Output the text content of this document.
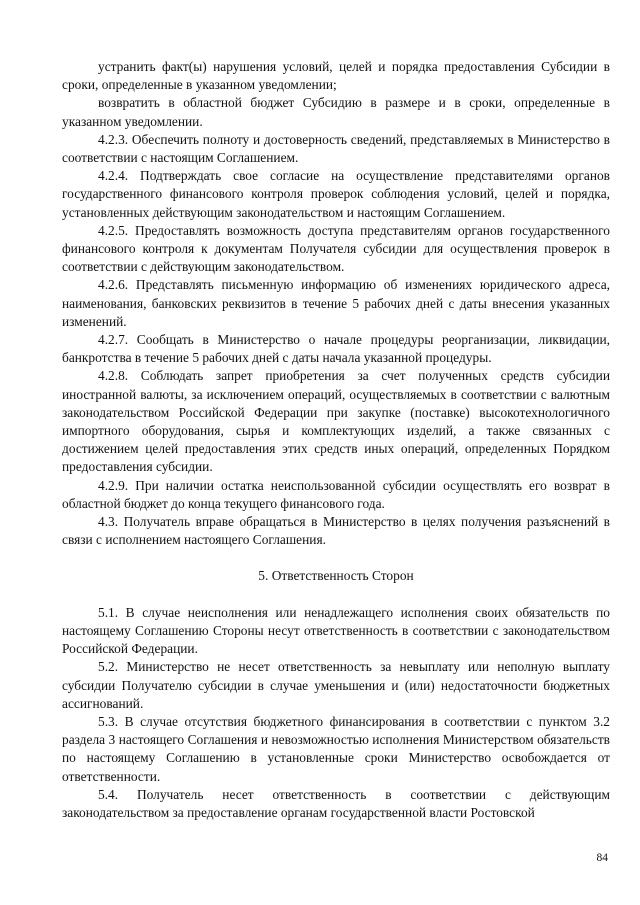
устранить факт(ы) нарушения условий, целей и порядка предоставления Субсидии в сроки, определенные в указанном уведомлении;

возвратить в областной бюджет Субсидию в размере и в сроки, определенные в указанном уведомлении.

4.2.3. Обеспечить полноту и достоверность сведений, представляемых в Министерство в соответствии с настоящим Соглашением.

4.2.4. Подтверждать свое согласие на осуществление представителями органов государственного финансового контроля проверок соблюдения условий, целей и порядка, установленных действующим законодательством и настоящим Соглашением.

4.2.5. Предоставлять возможность доступа представителям органов государственного финансового контроля к документам Получателя субсидии для осуществления проверок в соответствии с действующим законодательством.

4.2.6. Представлять письменную информацию об изменениях юридического адреса, наименования, банковских реквизитов в течение 5 рабочих дней с даты внесения указанных изменений.

4.2.7. Сообщать в Министерство о начале процедуры реорганизации, ликвидации, банкротства в течение 5 рабочих дней с даты начала указанной процедуры.

4.2.8. Соблюдать запрет приобретения за счет полученных средств субсидии иностранной валюты, за исключением операций, осуществляемых в соответствии с валютным законодательством Российской Федерации при закупке (поставке) высокотехнологичного импортного оборудования, сырья и комплектующих изделий, а также связанных с достижением целей предоставления этих средств иных операций, определенных Порядком предоставления субсидии.

4.2.9. При наличии остатка неиспользованной субсидии осуществлять его возврат в областной бюджет до конца текущего финансового года.

4.3. Получатель вправе обращаться в Министерство в целях получения разъяснений в связи с исполнением настоящего Соглашения.

5. Ответственность Сторон

5.1. В случае неисполнения или ненадлежащего исполнения своих обязательств по настоящему Соглашению Стороны несут ответственность в соответствии с законодательством Российской Федерации.

5.2. Министерство не несет ответственность за невыплату или неполную выплату субсидии Получателю субсидии в случае уменьшения и (или) недостаточности бюджетных ассигнований.

5.3. В случае отсутствия бюджетного финансирования в соответствии с пунктом 3.2 раздела 3 настоящего Соглашения и невозможностью исполнения Министерством обязательств по настоящему Соглашению в установленные сроки Министерство освобождается от ответственности.

5.4. Получатель несет ответственность в соответствии с действующим законодательством за предоставление органам государственной власти Ростовской

84
